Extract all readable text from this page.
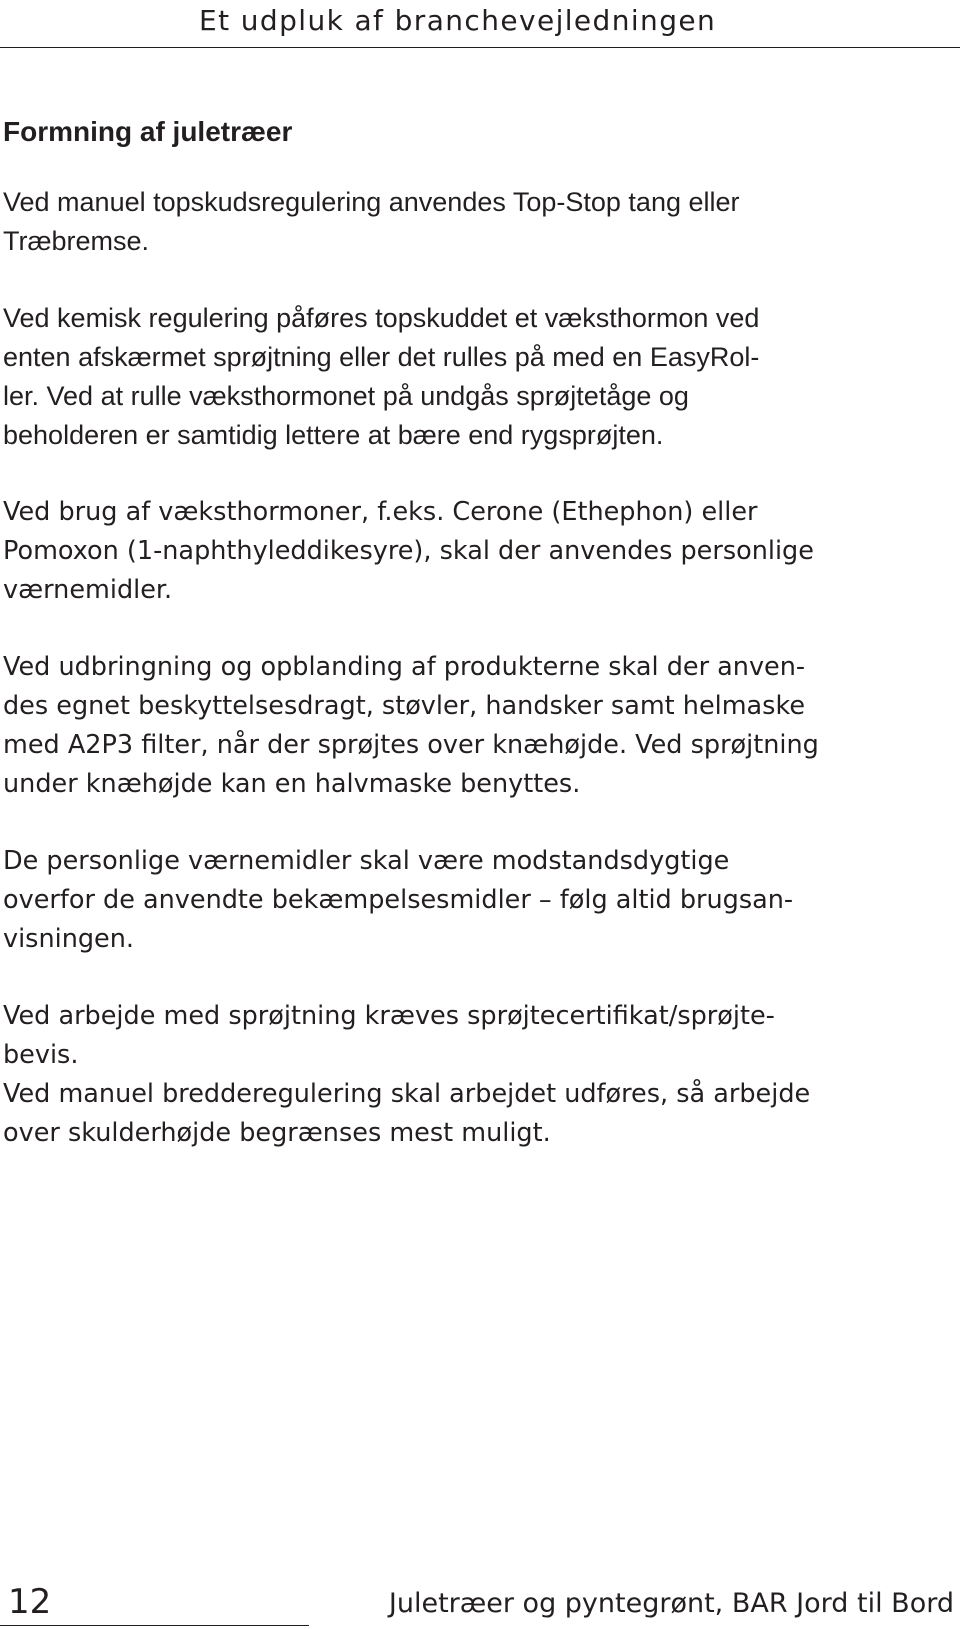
Et udpluk af branchevejledningen
Formning af juletræer
Ved manuel topskudsregulering anvendes Top-Stop tang eller
Træbremse.
Ved kemisk regulering påføres topskuddet et væksthormon ved
enten afskærmet sprøjtning eller det rulles på med en EasyRol-
ler. Ved at rulle væksthormonet på undgås sprøjtetåge og
beholderen er samtidig lettere at bære end rygsprøjten.
Ved brug af væksthormoner, f.eks. Cerone (Ethephon) eller
Pomoxon (1-naphthyleddikesyre), skal der anvendes personlige
værnemidler.
Ved udbringning og opblanding af produkterne skal der anven-
des egnet beskyttelsesdragt, støvler, handsker samt helmaske
med A2P3 filter, når der sprøjtes over knæhøjde. Ved sprøjtning
under knæhøjde kan en halvmaske benyttes.
De personlige værnemidler skal være modstandsdygtige
overfor de anvendte bekæmpelsesmidler – følg altid brugsan-
visningen.
Ved arbejde med sprøjtning kræves sprøjtecertifikat/sprøjte-
bevis.
Ved manuel bredderegulering skal arbejdet udføres, så arbejde
over skulderhøjde begrænses mest muligt.
12	Juletræer og pyntegrønt, BAR Jord til Bord
